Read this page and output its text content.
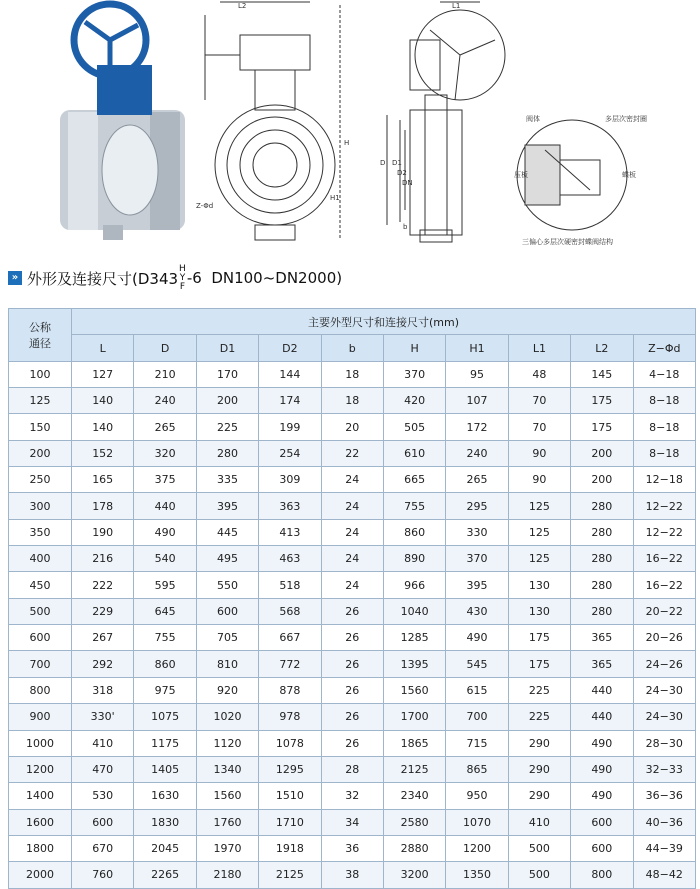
L2
H
H1
Z-Φd
D D1
D2
DN
b
L1
阀体	多层次密封圈
压板	蝶板
三偏心多层次硬密封蝶阀结构
» 外形及连接尺寸(D343
H
Y
F -6  DN100~DN2000)
公称
通径	主要外型尺寸和连接尺寸(mm)									
	L	D	D1	D2	b	H	H1	L1	L2	Z−Φd
100	127	210	170	144	18	370	95	48	145	4−18
125	140	240	200	174	18	420	107	70	175	8−18
150	140	265	225	199	20	505	172	70	175	8−18
200	152	320	280	254	22	610	240	90	200	8−18
250	165	375	335	309	24	665	265	90	200	12−18
300	178	440	395	363	24	755	295	125	280	12−22
350	190	490	445	413	24	860	330	125	280	12−22
400	216	540	495	463	24	890	370	125	280	16−22
450	222	595	550	518	24	966	395	130	280	16−22
500	229	645	600	568	26	1040	430	130	280	20−22
600	267	755	705	667	26	1285	490	175	365	20−26
700	292	860	810	772	26	1395	545	175	365	24−26
800	318	975	920	878	26	1560	615	225	440	24−30
900	330'	1075	1020	978	26	1700	700	225	440	24−30
1000	410	1175	1120	1078	26	1865	715	290	490	28−30
1200	470	1405	1340	1295	28	2125	865	290	490	32−33
1400	530	1630	1560	1510	32	2340	950	290	490	36−36
1600	600	1830	1760	1710	34	2580	1070	410	600	40−36
1800	670	2045	1970	1918	36	2880	1200	500	600	44−39
2000	760	2265	2180	2125	38	3200	1350	500	800	48−42
